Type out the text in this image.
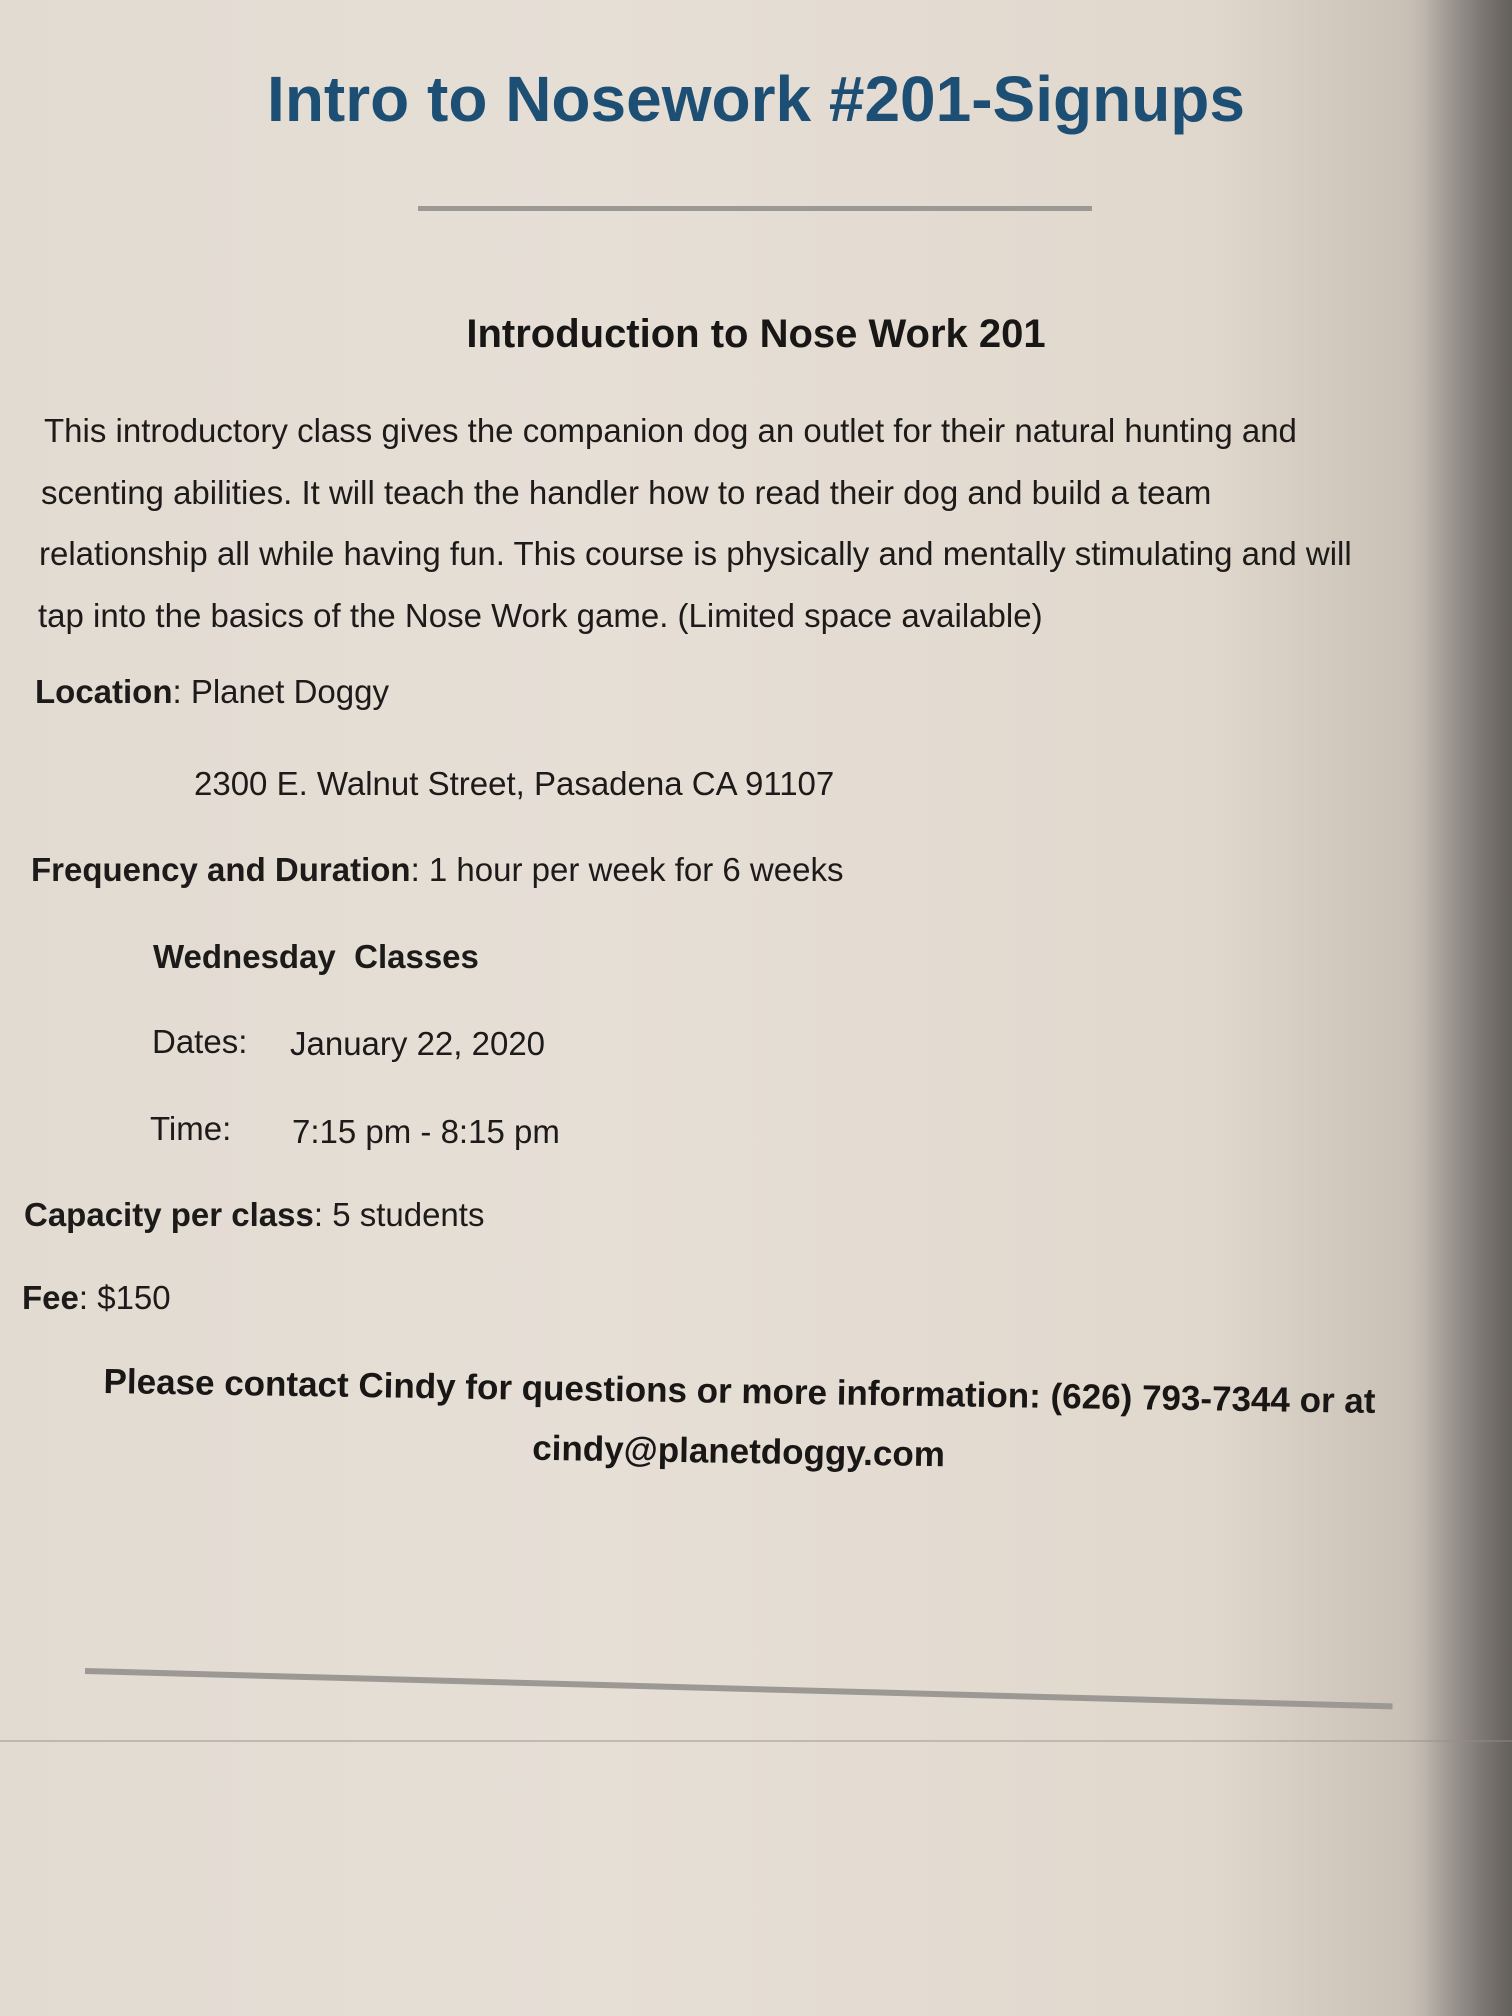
Intro to Nosework #201-Signups
Introduction to Nose Work 201
This introductory class gives the companion dog an outlet for their natural hunting and
scenting abilities. It will teach the handler how to read their dog and build a team
relationship all while having fun. This course is physically and mentally stimulating and will
tap into the basics of the Nose Work game. (Limited space available)
Location: Planet Doggy
2300 E. Walnut Street, Pasadena CA 91107
Frequency and Duration: 1 hour per week for 6 weeks
Wednesday  Classes
Dates: January 22, 2020
Time: 7:15 pm - 8:15 pm
Capacity per class: 5 students
Fee: $150
Please contact Cindy for questions or more information: (626) 793-7344 or at
cindy@planetdoggy.com
